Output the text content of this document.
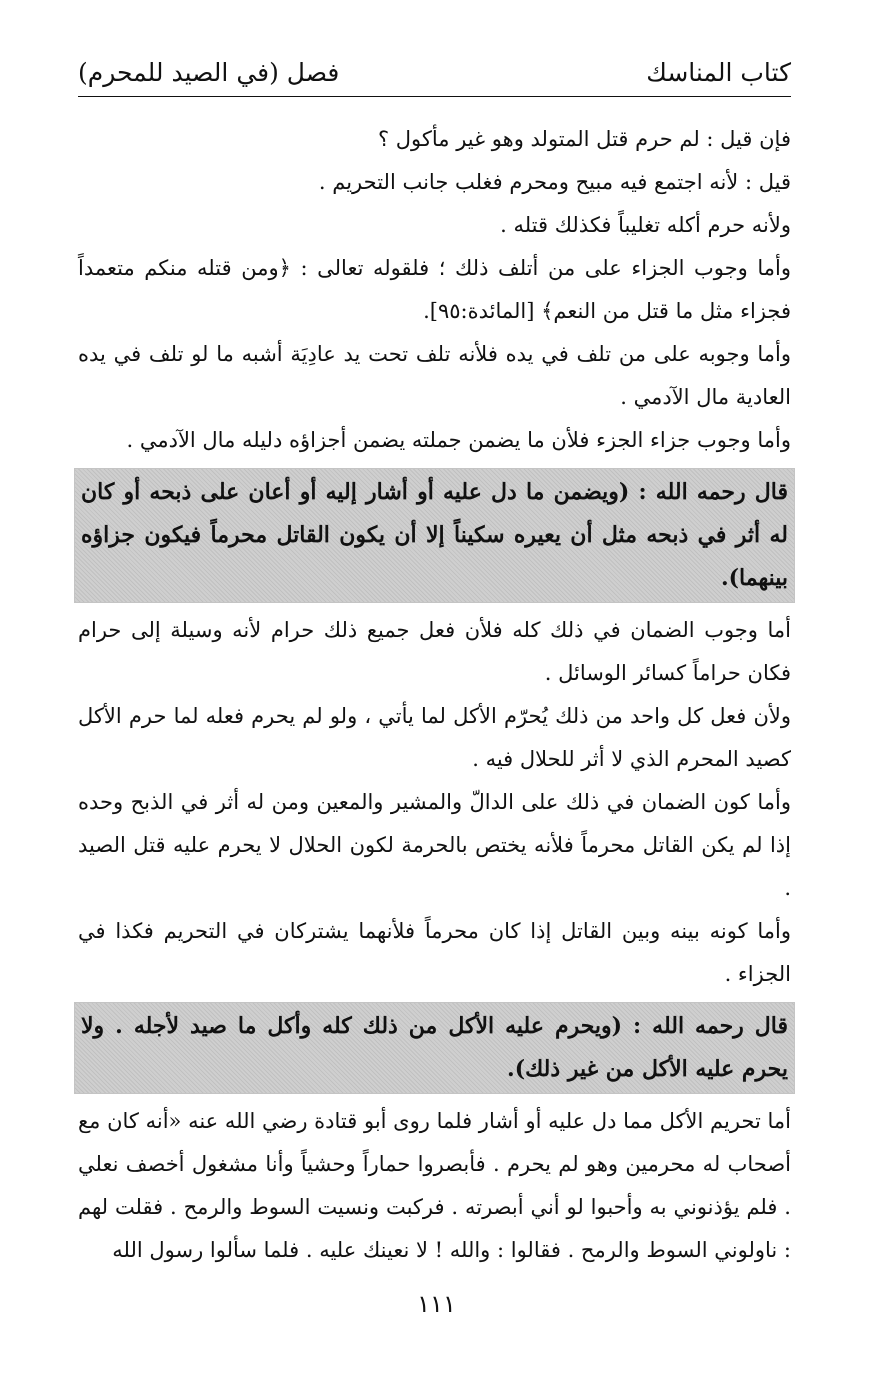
كتاب المناسك
فصل (في الصيد للمحرم)

فإن قيل : لم حرم قتل المتولد وهو غير مأكول ؟

قيل : لأنه اجتمع فيه مبيح ومحرم فغلب جانب التحريم .

ولأنه حرم أكله تغليباً فكذلك قتله .

وأما وجوب الجزاء على من أتلف ذلك ؛ فلقوله تعالى : ﴿ومن قتله منكم متعمداً فجزاء مثل ما قتل من النعم﴾ [المائدة:٩٥].

وأما وجوبه على من تلف في يده فلأنه تلف تحت يد عادِيَة أشبه ما لو تلف في يده العادية مال الآدمي .

وأما وجوب جزاء الجزء فلأن ما يضمن جملته يضمن أجزاؤه دليله مال الآدمي .

قال رحمه الله : (ويضمن ما دل عليه أو أشار إليه أو أعان على ذبحه أو كان له أثر في ذبحه مثل أن يعيره سكيناً إلا أن يكون القاتل محرماً فيكون جزاؤه بينهما).

أما وجوب الضمان في ذلك كله فلأن فعل جميع ذلك حرام لأنه وسيلة إلى حرام فكان حراماً كسائر الوسائل .

ولأن فعل كل واحد من ذلك يُحرّم الأكل لما يأتي ، ولو لم يحرم فعله لما حرم الأكل كصيد المحرم الذي لا أثر للحلال فيه .

وأما كون الضمان في ذلك على الدالّ والمشير والمعين ومن له أثر في الذبح وحده إذا لم يكن القاتل محرماً فلأنه يختص بالحرمة لكون الحلال لا يحرم عليه قتل الصيد .

وأما كونه بينه وبين القاتل إذا كان محرماً فلأنهما يشتركان في التحريم فكذا في الجزاء .

قال رحمه الله : (ويحرم عليه الأكل من ذلك كله وأكل ما صيد لأجله . ولا يحرم عليه الأكل من غير ذلك).

أما تحريم الأكل مما دل عليه أو أشار فلما روى أبو قتادة رضي الله عنه «أنه كان مع أصحاب له محرمين وهو لم يحرم . فأبصروا حماراً وحشياً وأنا مشغول أخصف نعلي . فلم يؤذنوني به وأحبوا لو أني أبصرته . فركبت ونسيت السوط والرمح . فقلت لهم : ناولوني السوط والرمح . فقالوا : والله ! لا نعينك عليه . فلما سألوا رسول الله

١١١
